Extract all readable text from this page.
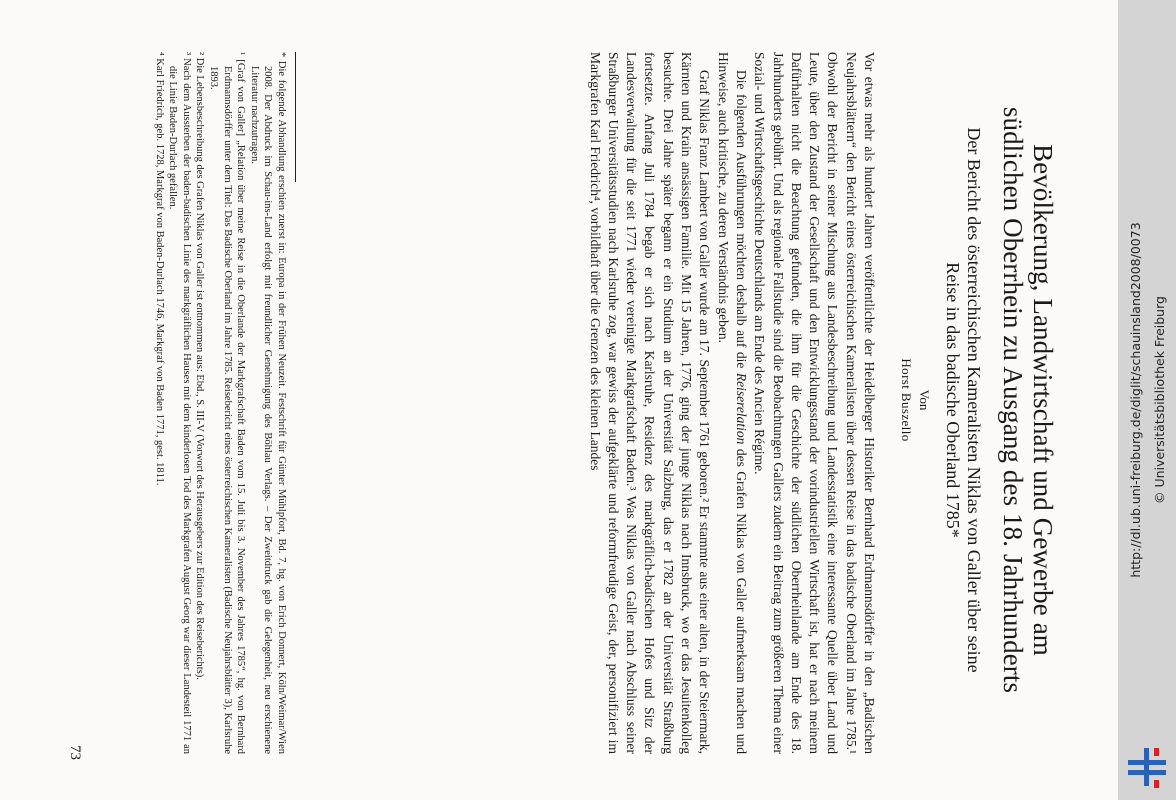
Bevölkerung, Landwirtschaft und Gewerbe am
südlichen Oberrhein zu Ausgang des 18. Jahrhunderts
Der Bericht des österreichischen Kameralisten Niklas von Galler über seine
Reise in das badische Oberland 1785*
Von
Horst Buszello

Vor etwas mehr als hundert Jahren veröffentlichte der Heidelberger Historiker Bernhard Erdmannsdörffer in den „Badischen Neujahrsblättern“ den Bericht eines österreichischen Kameralisten über dessen Reise in das badische Oberland im Jahre 1785.¹ Obwohl der Bericht in seiner Mischung aus Landesbeschreibung und Landesstatistik eine interessante Quelle über Land und Leute, über den Zustand der Gesellschaft und den Entwicklungsstand der vorindustriellen Wirtschaft ist, hat er nach meinem Dafürhalten nicht die Beachtung gefunden, die ihm für die Geschichte der südlichen Oberrheinlande am Ende des 18. Jahrhunderts gebührt. Und als regionale Fallstudie sind die Beobachtungen Gallers zudem ein Beitrag zum größeren Thema einer Sozial- und Wirtschaftsgeschichte Deutschlands am Ende des Ancien Régime.

Die folgenden Ausführungen möchten deshalb auf die Reiserelation des Grafen Niklas von Galler aufmerksam machen und Hinweise, auch kritische, zu deren Verständnis geben.

Graf Niklas Franz Lambert von Galler wurde am 17. September 1761 geboren.² Er stammte aus einer alten, in der Steiermark, Kärnten und Krain ansässigen Familie. Mit 15 Jahren, 1776, ging der junge Niklas nach Innsbruck, wo er das Jesuitenkolleg besuchte. Drei Jahre später begann er ein Studium an der Universität Salzburg, das er 1782 an der Universität Straßburg fortsetzte. Anfang Juli 1784 begab er sich nach Karlsruhe, Residenz des markgräflich-badischen Hofes und Sitz der Landesverwaltung für die seit 1771 wieder vereinigte Markgrafschaft Baden.³ Was Niklas von Galler nach Abschluss seiner Straßburger Universitätsstudien nach Karlsruhe zog, war gewiss der aufgeklärte und reformfreudige Geist, der, personifiziert im Markgrafen Karl Friedrich⁴, vorbildhaft über die Grenzen des kleinen Landes

* Die folgende Abhandlung erschien zuerst in: Europa in der Frühen Neuzeit. Festschrift für Günter Mühlpfort, Bd. 7, hg. von Erich Donnert, Köln/Weimar/Wien 2008. Der Abdruck im Schau-ins-Land erfolgt mit freundlicher Genehmigung des Böhlau Verlags. – Der Zweitdruck gab die Gelegenheit, neu erschienene Literatur nachzutragen.

¹ [Graf von Galler] „Relation über meine Reise in die Oberlande der Markgrafschaft Baden vom 15. Juli bis 3. November des Jahres 1785“, hg. von Bernhard Erdmannsdörffer unter dem Titel: Das Badische Oberland im Jahre 1785. Reisebericht eines österreichischen Kameralisten (Badische Neujahrsblätter 3), Karlsruhe 1893.

² Die Lebensbeschreibung des Grafen Niklas von Galler ist entnommen aus: Ebd., S. III-V (Vorwort des Herausgebers zur Edition des Reiseberichts).

³ Nach dem Aussterben der baden-badischen Linie des markgräflichen Hauses mit dem kinderlosen Tod des Markgrafen August Georg war dieser Landesteil 1771 an die Linie Baden-Durlach gefallen.

⁴ Karl Friedrich, geb. 1728, Markgraf von Baden-Durlach 1746, Markgraf von Baden 1771, gest. 1811.

73
http://dl.ub.uni-freiburg.de/diglit/schauinsland2008/0073 © Universitätsbibliothek Freiburg
